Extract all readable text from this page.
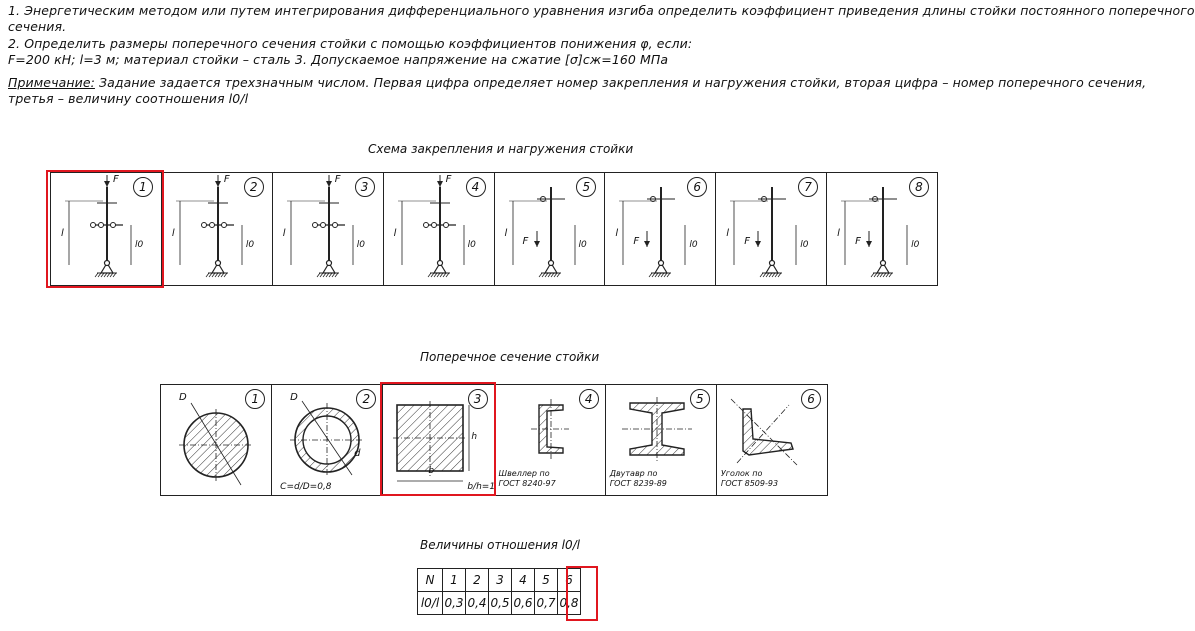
1. Энергетическим методом или путем интегрирования дифференциального уравнения изгиба определить коэффициент приведения длины стойки постоянного поперечного
сечения.
2. Определить размеры поперечного сечения стойки с помощью коэффициентов понижения φ, если:
F=200 кН; l=3 м; материал стойки – сталь 3. Допускаемое напряжение на сжатие [σ]сж=160 МПа
Примечание: Задание задается трехзначным числом. Первая цифра определяет номер закрепления и нагружения стойки, вторая цифра – номер поперечного сечения,
третья – величину соотношения l0/l
Схема закрепления и нагружения стойки
1
F
l
l0
2
F
l
l0
3
F
l
l0
4
F
l
l0
5
F
l
l0
6
F
l
l0
7
F
l
l0
8
F
l
l0
Поперечное сечение стойки
D	1	D
d
C=d/D=0,8
2
b
h
b/h=1
3
Швеллер по
ГОСТ 8240-97
4
Двутавр по
ГОСТ 8239-89
5
Уголок по
ГОСТ 8509-93
6
Величины отношения l0/l
N	1	2	3	4	5	6
l0/l	0,3	0,4	0,5	0,6	0,7	0,8
